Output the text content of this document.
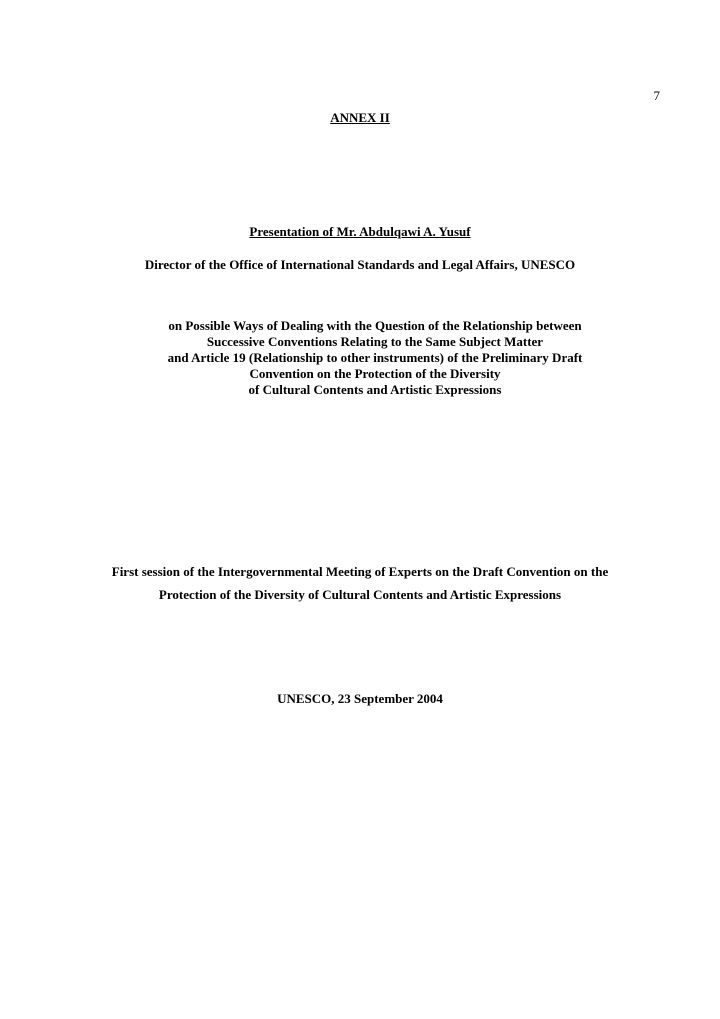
7
ANNEX II
Presentation of Mr. Abdulqawi A. Yusuf
Director of the Office of International Standards and Legal Affairs, UNESCO
on Possible Ways of Dealing with the Question of the Relationship between
Successive Conventions Relating to the Same Subject Matter
and Article 19 (Relationship to other instruments) of the Preliminary Draft
Convention on the Protection of the Diversity
of Cultural Contents and Artistic Expressions
First session of the Intergovernmental Meeting of Experts on the Draft Convention on the
Protection of the Diversity of Cultural Contents and Artistic Expressions
UNESCO, 23 September 2004
